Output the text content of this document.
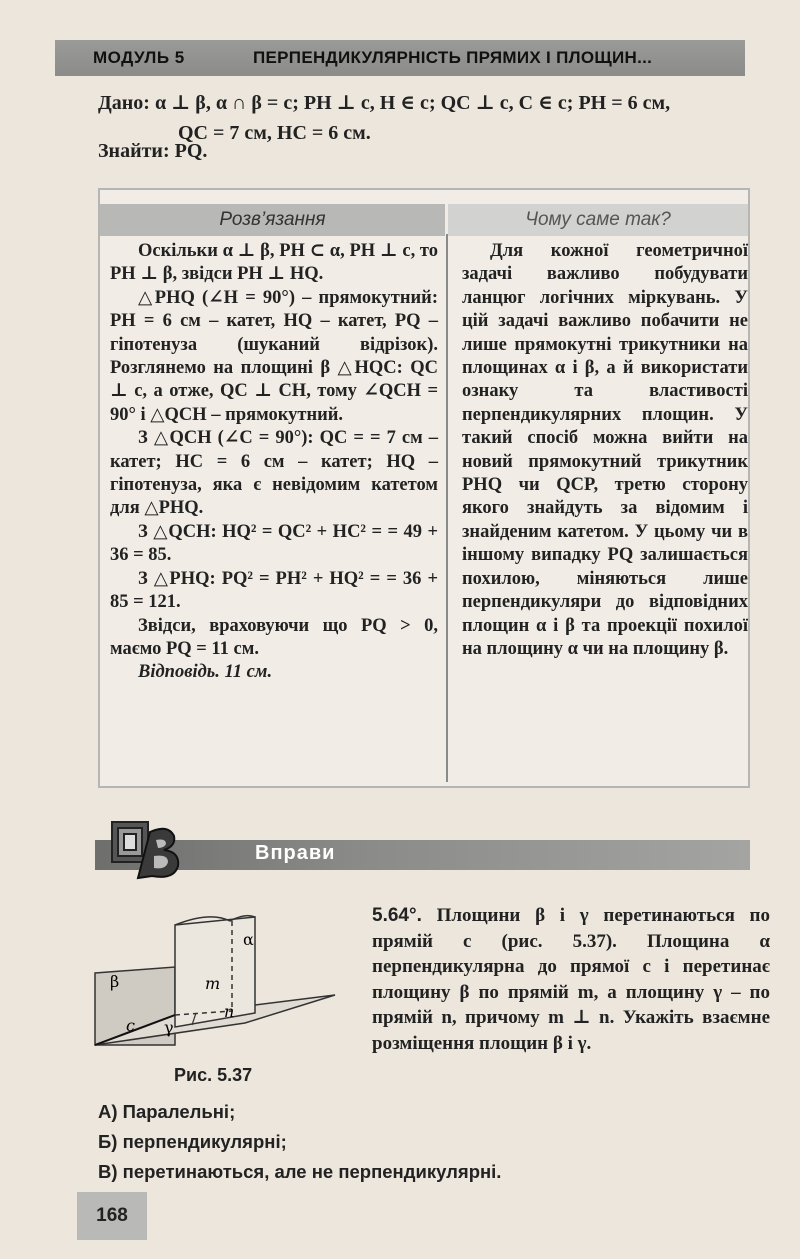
МОДУЛЬ 5	ПЕРПЕНДИКУЛЯРНІСТЬ ПРЯМИХ І ПЛОЩИН...
Дано: α ⊥ β, α ∩ β = c; PH ⊥ c, H ∈ c; QC ⊥ c, C ∈ c; PH = 6 см,
QC = 7 см, HC = 6 см.
Знайти: PQ.
Розв’язання	Чому саме так?

Оскільки α ⊥ β, PH ⊂ α, PH ⊥ c, то PH ⊥ β, звідси PH ⊥ HQ.

△PHQ (∠H = 90°) – прямокутний: PH = 6 см – катет, HQ – катет, PQ – гіпотенуза (шуканий відрізок). Розглянемо на площині β △HQC: QC ⊥ c, а отже, QC ⊥ CH, тому ∠QCH = 90° і △QCH – прямокутний.

З △QCH (∠C = 90°): QC = = 7 см – катет; HC = 6 см – катет; HQ – гіпотенуза, яка є невідомим катетом для △PHQ.

З △QCH: HQ² = QC² + HC² = = 49 + 36 = 85.

З △PHQ: PQ² = PH² + HQ² = = 36 + 85 = 121.

Звідси, враховуючи що PQ > 0, маємо PQ = 11 см.

Відповідь. 11 см.

Для кожної геометричної задачі важливо побудувати ланцюг логічних міркувань. У цій задачі важливо побачити не лише прямокутні трикутники на площинах α і β, а й використати ознаку та властивості перпендикулярних площин. У такий спосіб можна вийти на новий прямокутний трикутник PHQ чи QCP, третю сторону якого знайдуть за відомим і знайденим катетом. У цьому чи в іншому випадку PQ залишається похилою, міняються лише перпендикуляри до відповідних площин α і β та проекції похилої на площину α чи на площину β.

Вправи
α
β	m
n
c γ
Рис. 5.37
5.64°. Площини β і γ перетинаються по прямій c (рис. 5.37). Площина α перпендикулярна до прямої c і перетинає площину β по прямій m, а площину γ – по прямій n, причому m ⊥ n. Укажіть взаємне розміщення площин β і γ.
А) Паралельні;
Б) перпендикулярні;
В) перетинаються, але не перпендикулярні.
168
